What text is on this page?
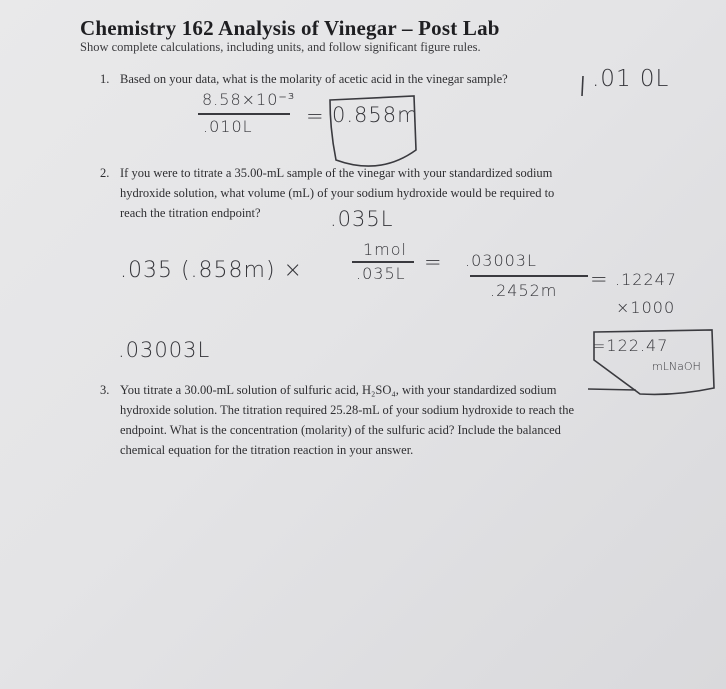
Chemistry 162 Analysis of Vinegar – Post Lab
Show complete calculations, including units, and follow significant figure rules.
1. Based on your data, what is the molarity of acetic acid in the vinegar sample?
2. If you were to titrate a 35.00-mL sample of the vinegar with your standardized sodium
hydroxide solution, what volume (mL) of your sodium hydroxide would be required to
reach the titration endpoint?
3. You titrate a 30.00-mL solution of sulfuric acid, H₂SO₄, with your standardized sodium
hydroxide solution. The titration required 25.28-mL of your sodium hydroxide to reach the
endpoint. What is the concentration (molarity) of the sulfuric acid? Include the balanced
chemical equation for the titration reaction in your answer.
.01 0L
8.58×10⁻³
.010L	= 0.858m
.035L
.035 (.858m) ×
1mol
.035L = .03003L
.2452m = .12247
×1000
.03003L	=122.47
mLNaOH
